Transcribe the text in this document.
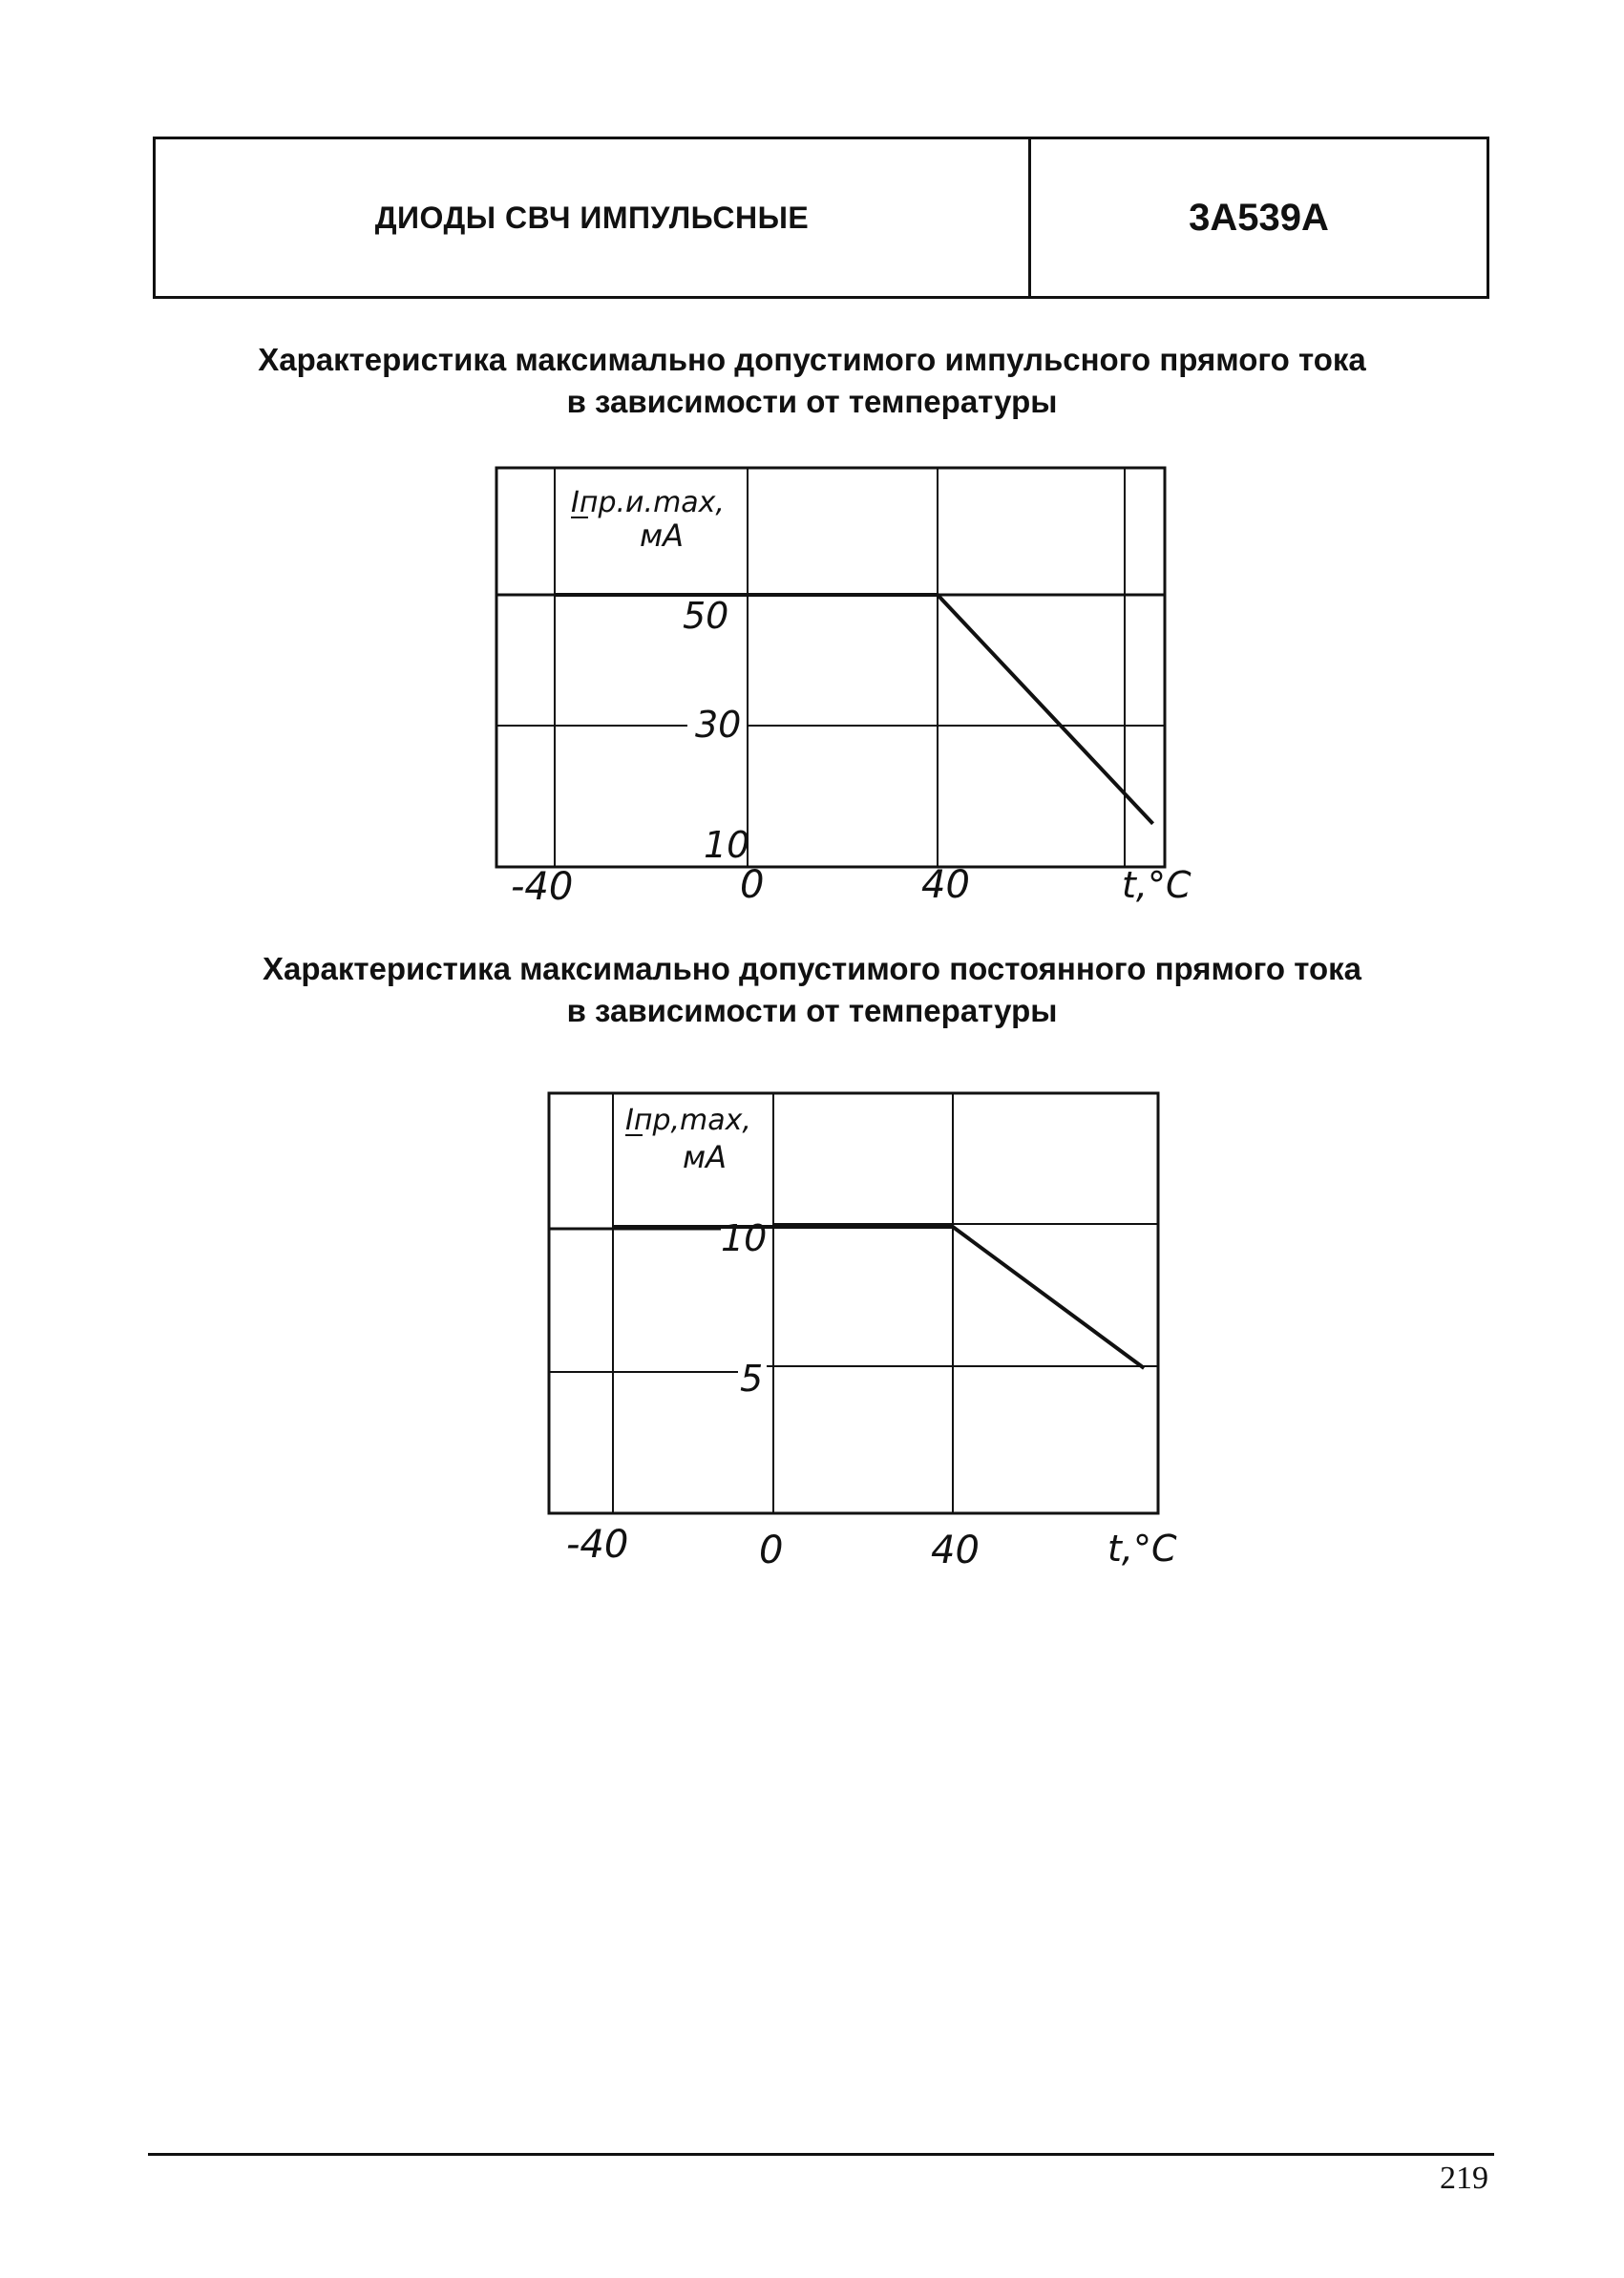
ДИОДЫ СВЧ ИМПУЛЬСНЫЕ	3А539А
Характеристика максимально допустимого импульсного прямого тока
в зависимости от температуры
Iпр.и.max,
мА
50
30
10
-40	0	40	t,°C
Характеристика максимально допустимого постоянного прямого тока
в зависимости от температуры
Iпр,max,
мА
10
5
-40	0	40	t,°C
219
